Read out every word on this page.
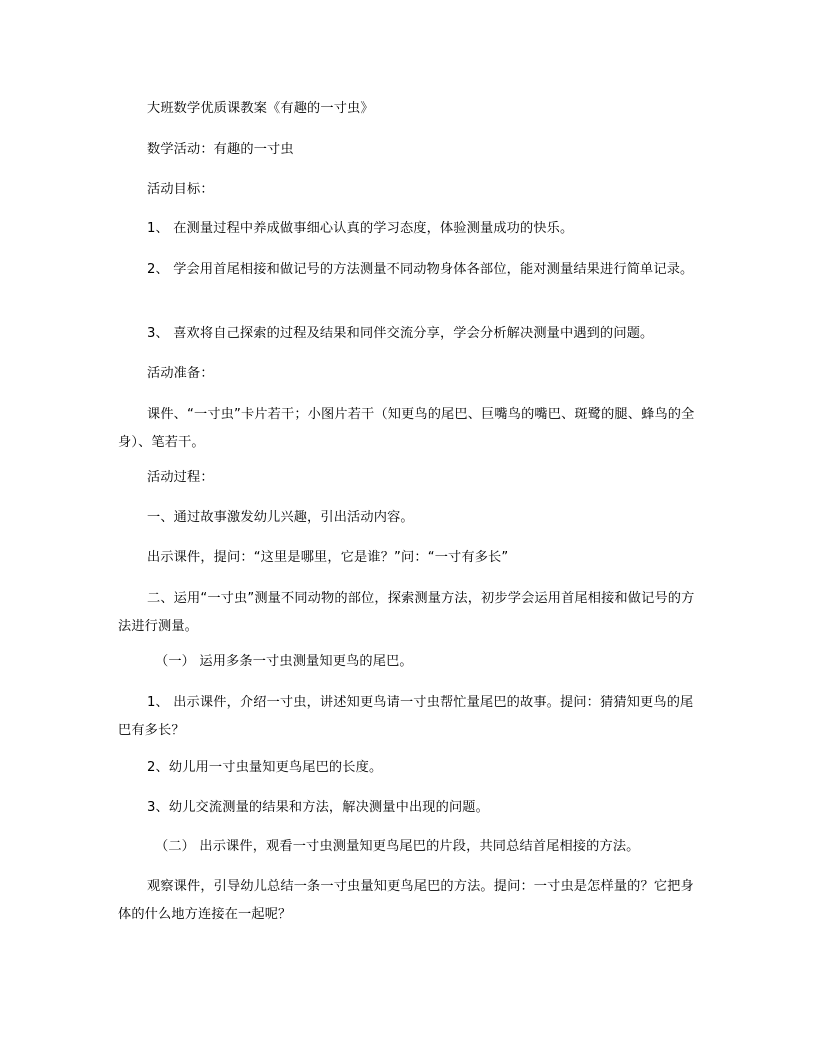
大班数学优质课教案《有趣的一寸虫》

数学活动：有趣的一寸虫

活动目标：

1、 在测量过程中养成做事细心认真的学习态度，体验测量成功的快乐。

2、 学会用首尾相接和做记号的方法测量不同动物身体各部位，能对测量结果进行简单记录。

3、 喜欢将自己探索的过程及结果和同伴交流分享，学会分析解决测量中遇到的问题。

活动准备：

课件、“一寸虫”卡片若干；小图片若干（知更鸟的尾巴、巨嘴鸟的嘴巴、斑鹭的腿、蜂鸟的全身）、笔若干。

活动过程：

一、通过故事激发幼儿兴趣，引出活动内容。

出示课件，提问：“这里是哪里，它是谁？”问：“一寸有多长”

二、运用“一寸虫”测量不同动物的部位，探索测量方法，初步学会运用首尾相接和做记号的方法进行测量。

（一） 运用多条一寸虫测量知更鸟的尾巴。

1、 出示课件，介绍一寸虫，讲述知更鸟请一寸虫帮忙量尾巴的故事。提问：猜猜知更鸟的尾巴有多长？

2、幼儿用一寸虫量知更鸟尾巴的长度。

3、幼儿交流测量的结果和方法，解决测量中出现的问题。

（二） 出示课件，观看一寸虫测量知更鸟尾巴的片段，共同总结首尾相接的方法。

观察课件，引导幼儿总结一条一寸虫量知更鸟尾巴的方法。提问：一寸虫是怎样量的？它把身体的什么地方连接在一起呢？
